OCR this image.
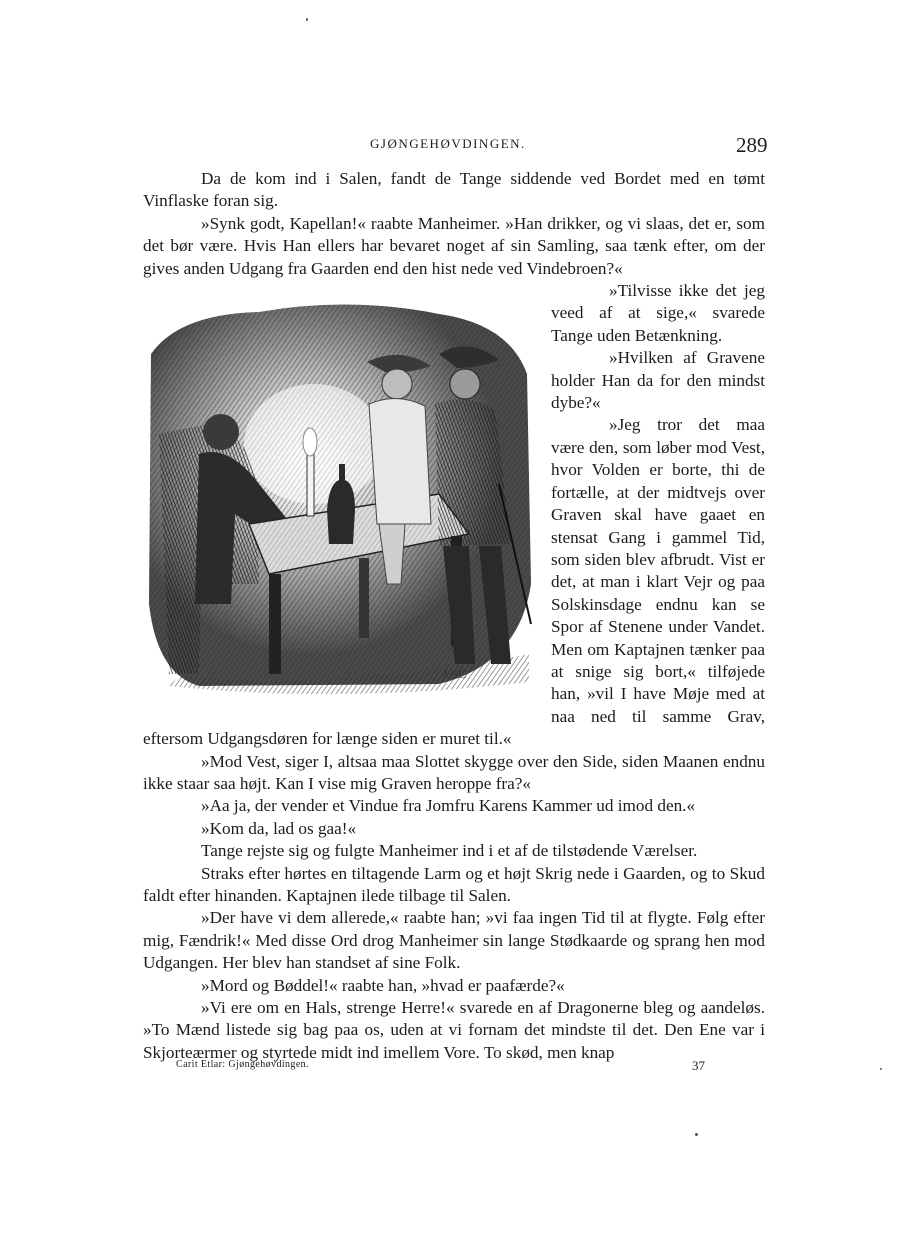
GJØNGEHØVDINGEN.	289

Da de kom ind i Salen, fandt de Tange siddende ved Bordet med en tømt Vinflaske foran sig.

»Synk godt, Kapellan!« raabte Manheimer. »Han drikker, og vi slaas, det er, som det bør være. Hvis Han ellers har bevaret noget af sin Samling, saa tænk efter, om der gives anden Udgang fra Gaarden end den hist nede ved Vindebroen?«

J·SC

»Tilvisse ikke det jeg veed af at sige,« svarede Tange uden Betænkning.

»Hvilken af Gravene holder Han da for den mindst dybe?«

»Jeg tror det maa være den, som løber mod Vest, hvor Volden er borte, thi de fortælle, at der midtvejs over Graven skal have gaaet en stensat Gang i gammel Tid, som siden blev afbrudt. Vist er det, at man i klart Vejr og paa Solskinsdage endnu kan se Spor af Stenene under Vandet. Men om Kaptajnen tænker paa at snige sig bort,« tilføjede han, »vil I have Møje med at naa ned til samme Grav, eftersom Udgangsdøren for længe siden er muret til.«

»Mod Vest, siger I, altsaa maa Slottet skygge over den Side, siden Maanen endnu ikke staar saa højt. Kan I vise mig Graven heroppe fra?«

»Aa ja, der vender et Vindue fra Jomfru Karens Kammer ud imod den.«

»Kom da, lad os gaa!«

Tange rejste sig og fulgte Manheimer ind i et af de tilstødende Værelser.

Straks efter hørtes en tiltagende Larm og et højt Skrig nede i Gaarden, og to Skud faldt efter hinanden. Kaptajnen ilede tilbage til Salen.

»Der have vi dem allerede,« raabte han; »vi faa ingen Tid til at flygte. Følg efter mig, Fændrik!« Med disse Ord drog Manheimer sin lange Stødkaarde og sprang hen mod Udgangen. Her blev han standset af sine Folk.

»Mord og Bøddel!« raabte han, »hvad er paafærde?«

»Vi ere om en Hals, strenge Herre!« svarede en af Dragonerne bleg og aandeløs. »To Mænd listede sig bag paa os, uden at vi fornam det mindste til det. Den Ene var i Skjorteærmer og styrtede midt ind imellem Vore. To skød, men knap

Carit Etlar: Gjøngehøvdingen.	37
